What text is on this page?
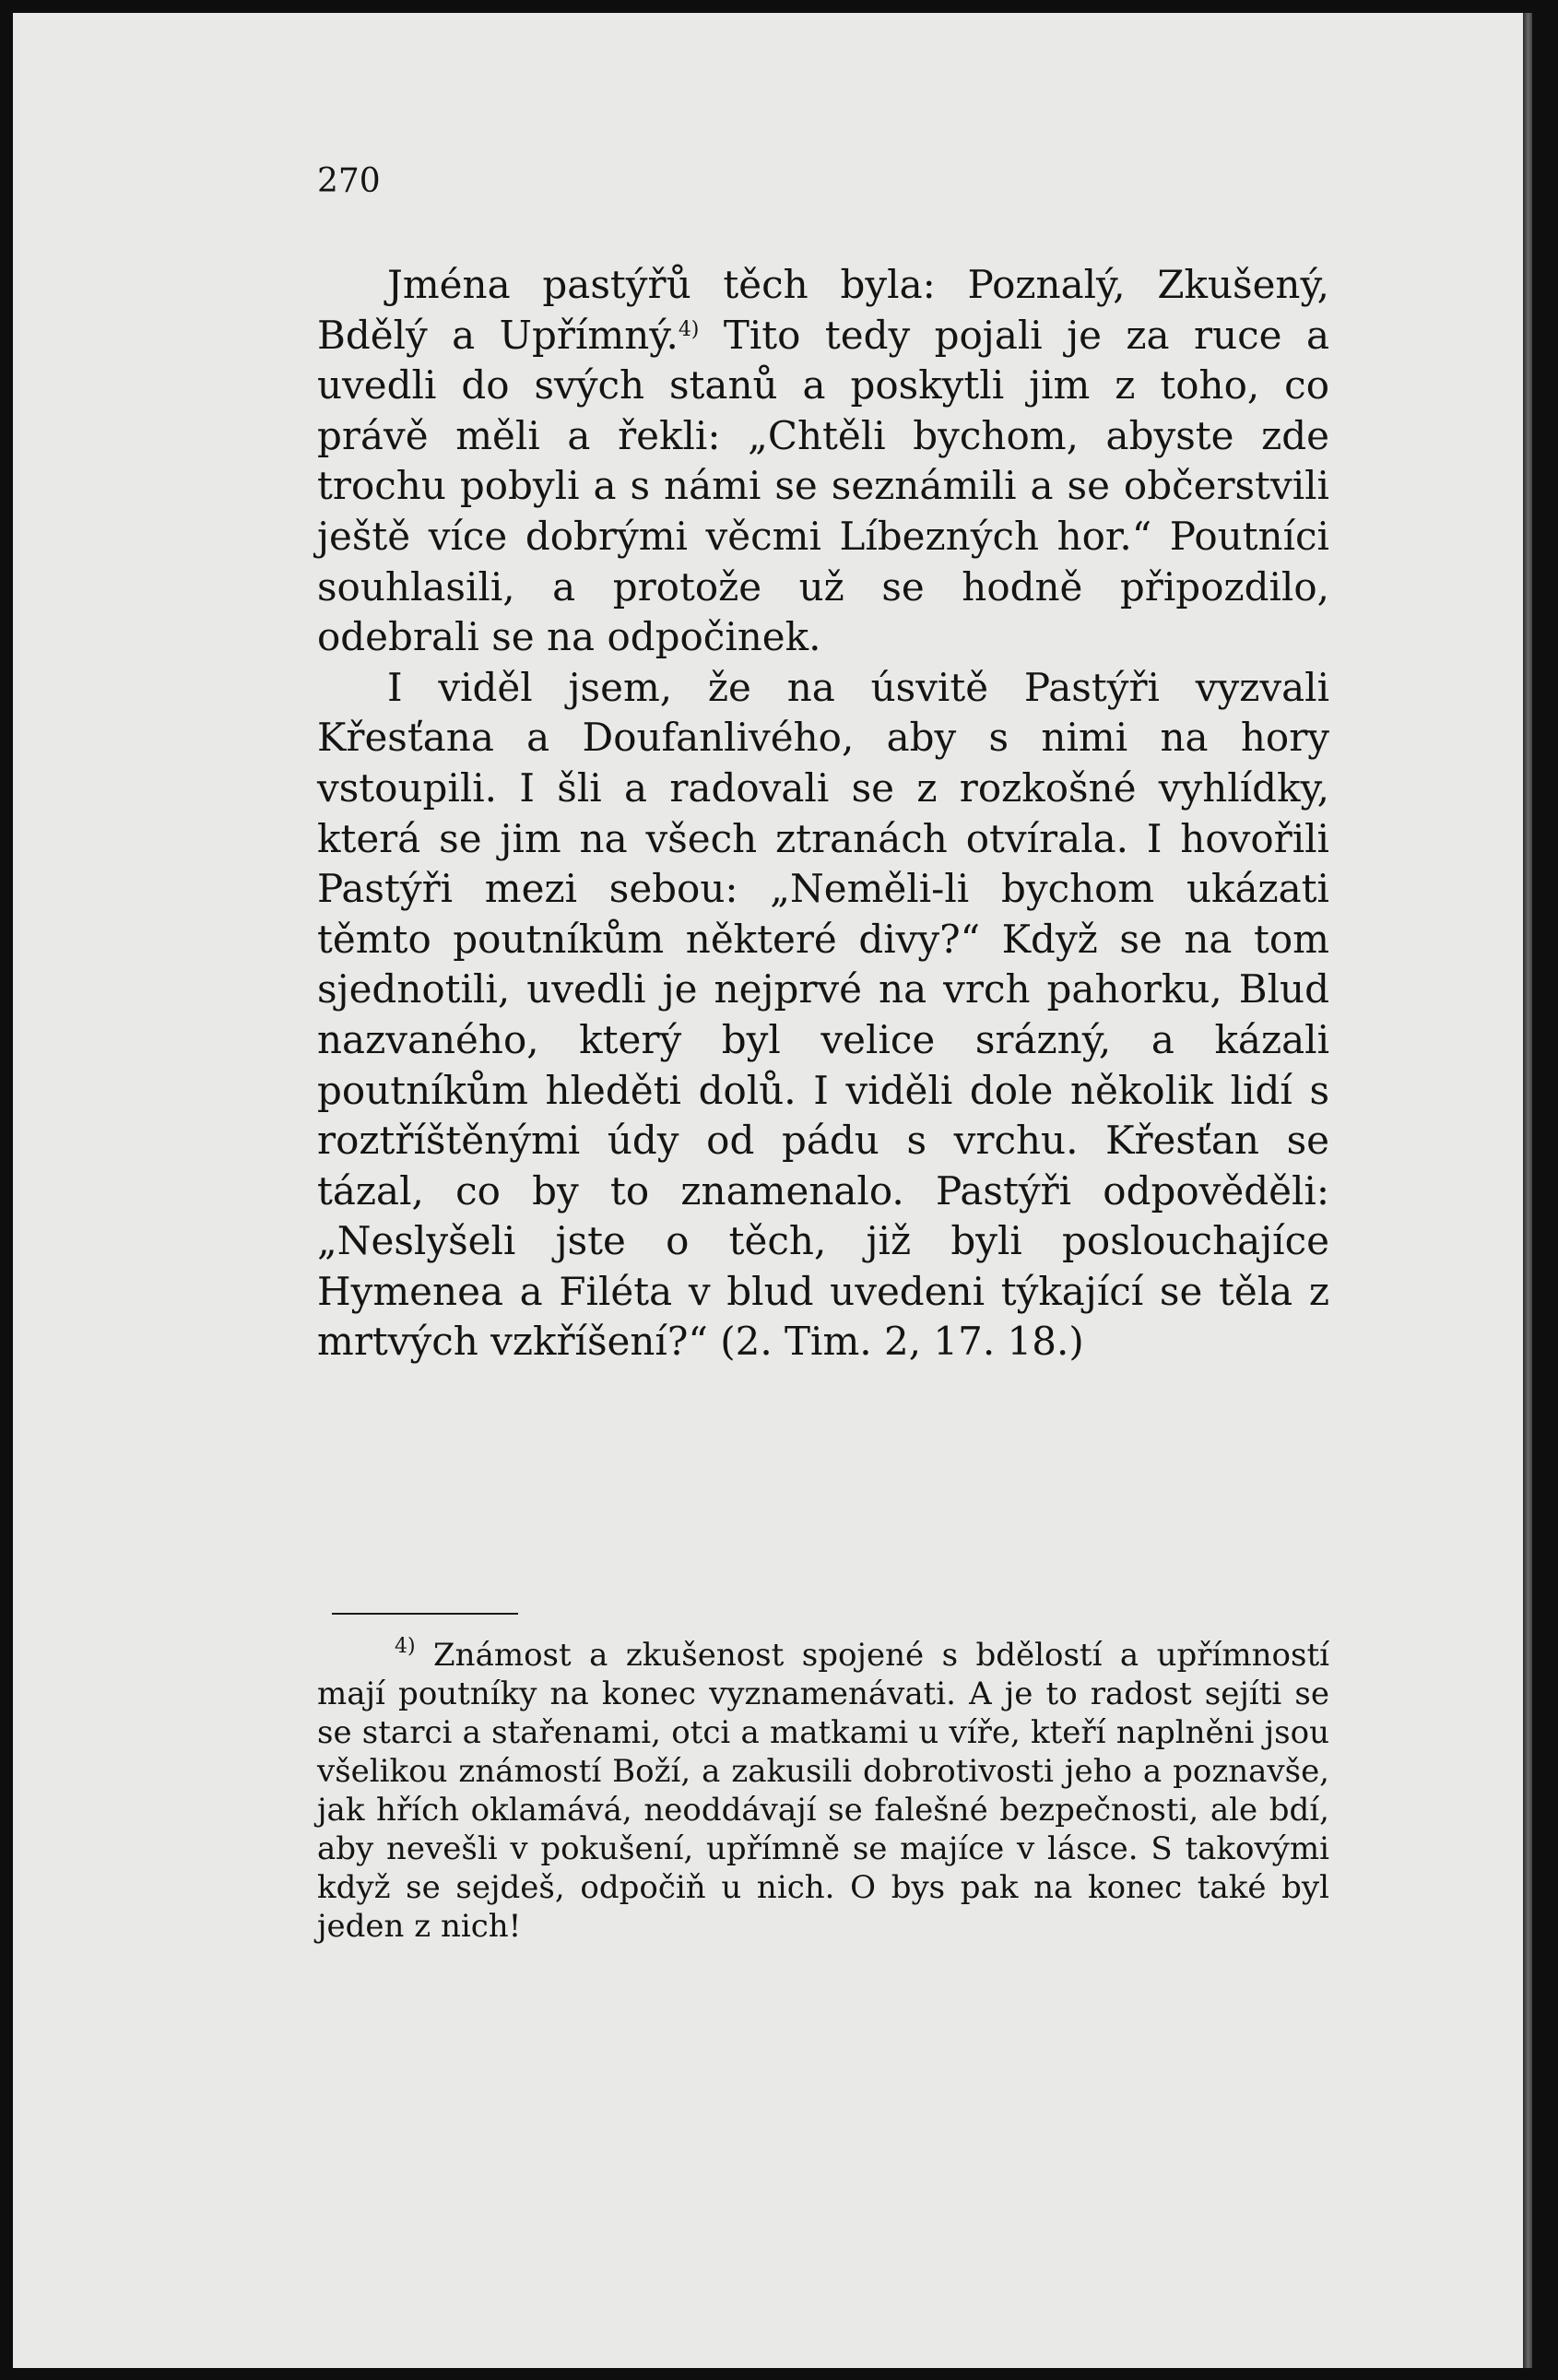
270

Jména pastýřů těch byla: Poznalý, Zkušený, Bdělý a Upřímný.$^{4)}$ Tito tedy pojali je za ruce a uvedli do svých stanů a poskytli jim z toho, co právě měli a řekli: „Chtěli bychom, abyste zde trochu pobyli a s námi se seznámili a se občerstvili ještě více dobrými věcmi Líbezných hor.“ Poutníci souhlasili, a protože už se hodně připozdilo, odebrali se na odpočinek.

I viděl jsem, že na úsvitě Pastýři vyzvali Křesťana a Doufanlivého, aby s nimi na hory vstoupili. I šli a radovali se z rozkošné vyhlídky, která se jim na všech ztranách otvírala. I hovořili Pastýři mezi sebou: „Neměli-li bychom ukázati těmto poutníkům některé divy?“ Když se na tom sjednotili, uvedli je nejprvé na vrch pahorku, Blud nazvaného, který byl velice srázný, a kázali poutníkům hleděti dolů. I viděli dole několik lidí s roztříštěnými údy od pádu s vrchu. Křesťan se tázal, co by to znamenalo. Pastýři odpověděli: „Neslyšeli jste o těch, již byli poslouchajíce Hymenea a Filéta v blud uvedeni týkající se těla z mrtvých vzkříšení?“ (2. Tim. 2, 17. 18.)

$^{4)}$ Známost a zkušenost spojené s bdělostí a upřímností mají poutníky na konec vyznamenávati. A je to radost sejíti se se starci a stařenami, otci a matkami u víře, kteří naplněni jsou všelikou známostí Boží, a zakusili dobrotivosti jeho a poznavše, jak hřích oklamává, neoddávají se falešné bezpečnosti, ale bdí, aby nevešli v pokušení, upřímně se majíce v lásce. S takovými když se sejdeš, odpočiň u nich. O bys pak na konec také byl jeden z nich!
